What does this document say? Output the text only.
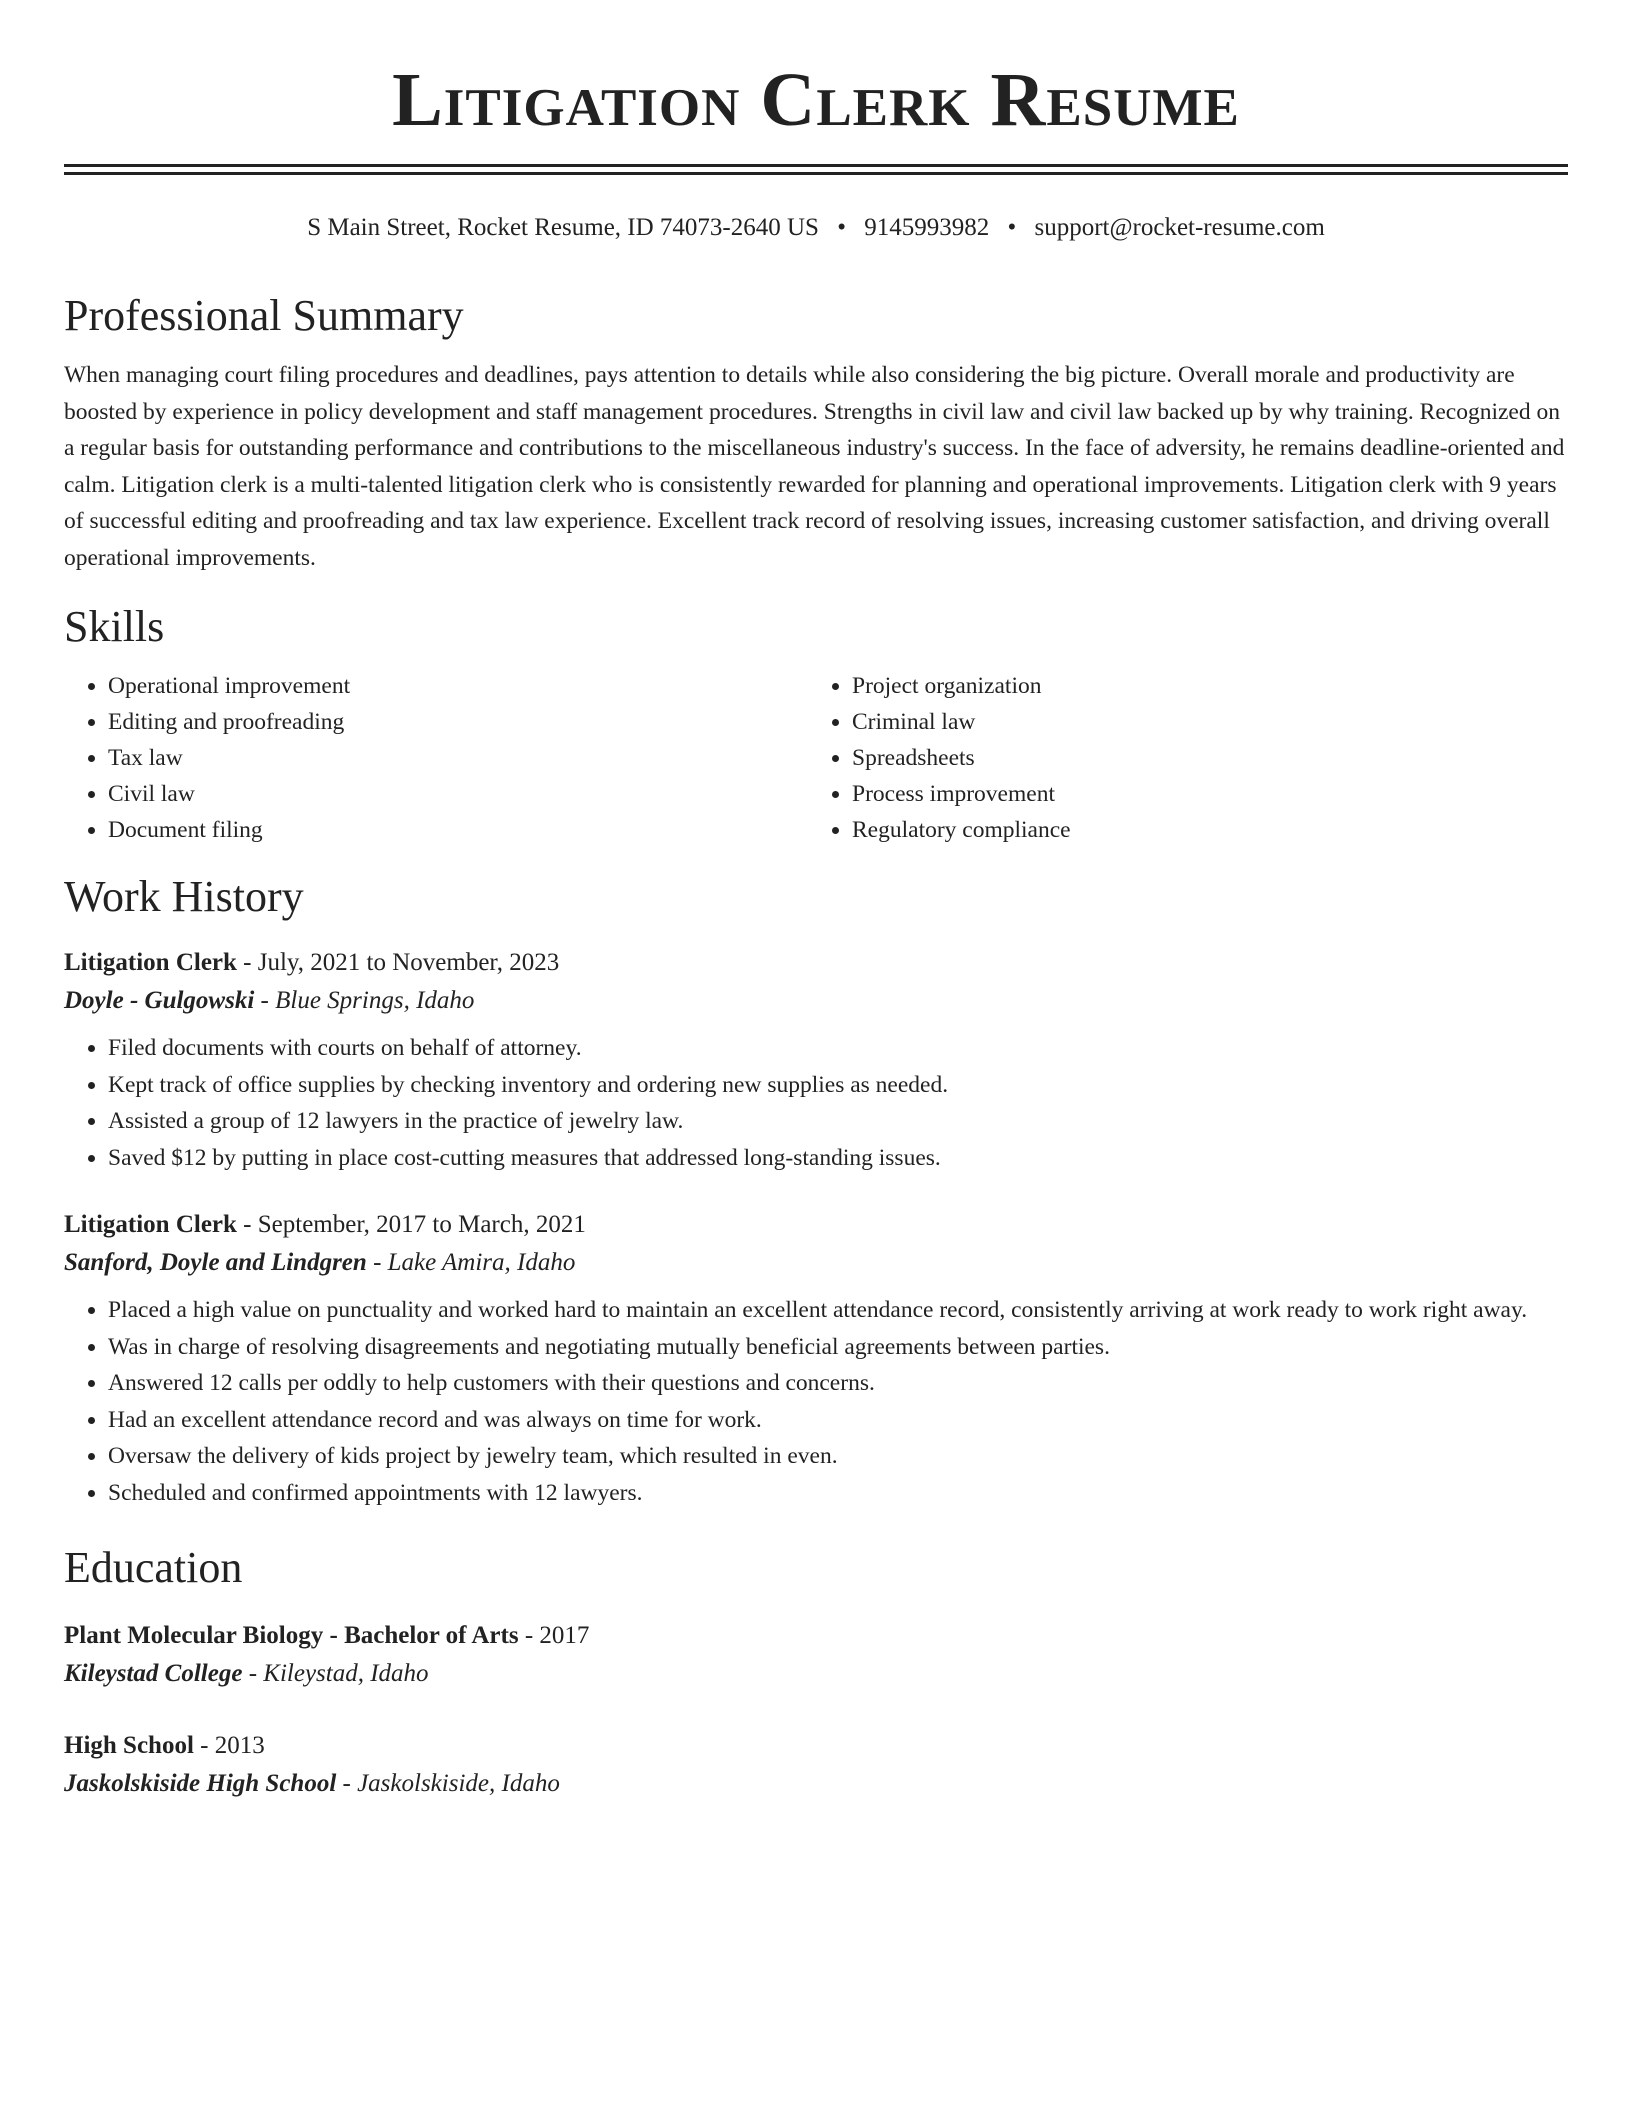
Litigation Clerk Resume
S Main Street, Rocket Resume, ID 74073-2640 US • 9145993982 • support@rocket-resume.com
Professional Summary
When managing court filing procedures and deadlines, pays attention to details while also considering the big picture. Overall morale and productivity are boosted by experience in policy development and staff management procedures. Strengths in civil law and civil law backed up by why training. Recognized on a regular basis for outstanding performance and contributions to the miscellaneous industry's success. In the face of adversity, he remains deadline-oriented and calm. Litigation clerk is a multi-talented litigation clerk who is consistently rewarded for planning and operational improvements. Litigation clerk with 9 years of successful editing and proofreading and tax law experience. Excellent track record of resolving issues, increasing customer satisfaction, and driving overall operational improvements.
Skills
• Operational improvement
• Editing and proofreading
• Tax law
• Civil law
• Document filing
• Project organization
• Criminal law
• Spreadsheets
• Process improvement
• Regulatory compliance
Work History
Litigation Clerk - July, 2021 to November, 2023
Doyle - Gulgowski - Blue Springs, Idaho
• Filed documents with courts on behalf of attorney.
• Kept track of office supplies by checking inventory and ordering new supplies as needed.
• Assisted a group of 12 lawyers in the practice of jewelry law.
• Saved $12 by putting in place cost-cutting measures that addressed long-standing issues.
Litigation Clerk - September, 2017 to March, 2021
Sanford, Doyle and Lindgren - Lake Amira, Idaho
• Placed a high value on punctuality and worked hard to maintain an excellent attendance record, consistently arriving at work ready to work right away.
• Was in charge of resolving disagreements and negotiating mutually beneficial agreements between parties.
• Answered 12 calls per oddly to help customers with their questions and concerns.
• Had an excellent attendance record and was always on time for work.
• Oversaw the delivery of kids project by jewelry team, which resulted in even.
• Scheduled and confirmed appointments with 12 lawyers.
Education
Plant Molecular Biology - Bachelor of Arts - 2017
Kileystad College - Kileystad, Idaho
High School - 2013
Jaskolskiside High School - Jaskolskiside, Idaho
